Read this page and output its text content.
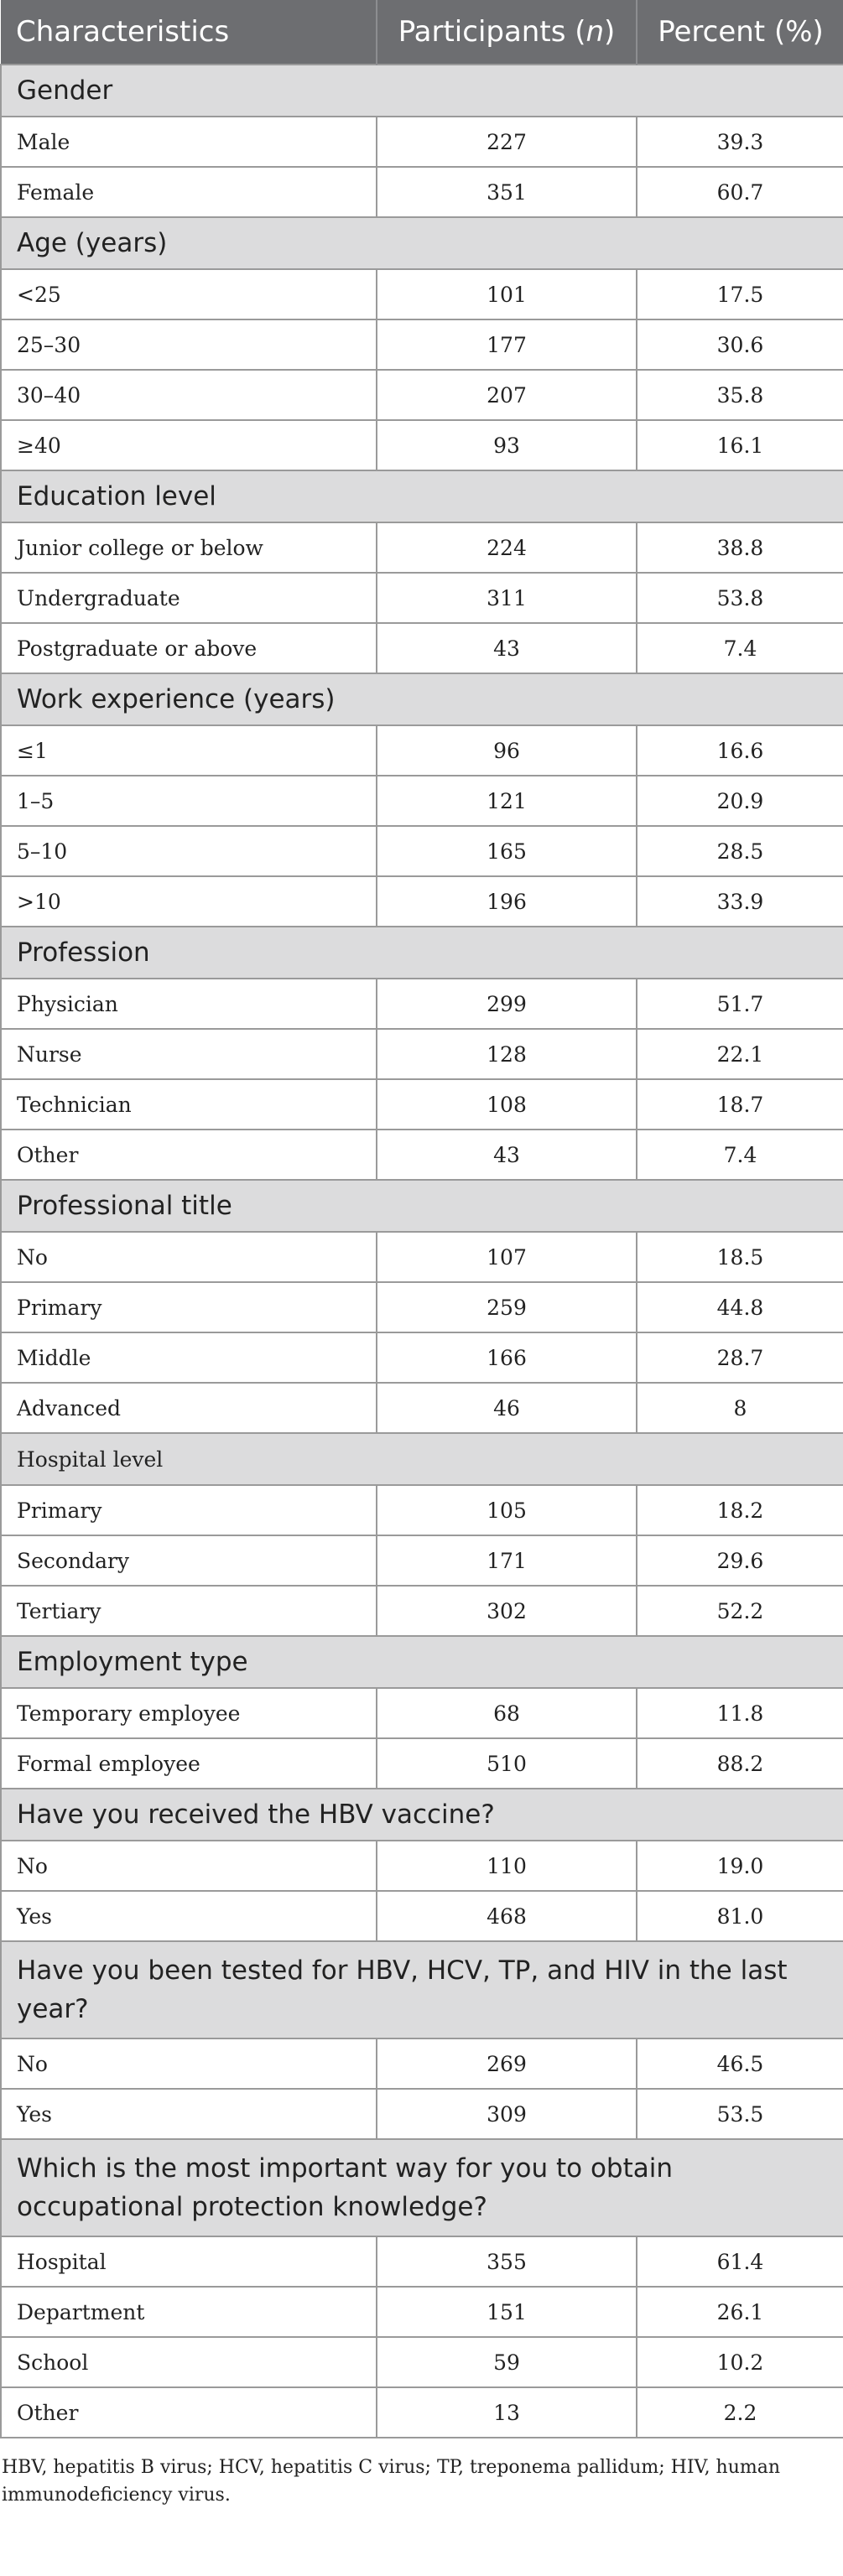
Characteristics	Participants (n)	Percent (%)
Gender		
Male	227	39.3
Female	351	60.7
Age (years)		
<25	101	17.5
25–30	177	30.6
30–40	207	35.8
≥40	93	16.1
Education level		
Junior college or below	224	38.8
Undergraduate	311	53.8
Postgraduate or above	43	7.4
Work experience (years)		
≤1	96	16.6
1–5	121	20.9
5–10	165	28.5
>10	196	33.9
Profession		
Physician	299	51.7
Nurse	128	22.1
Technician	108	18.7
Other	43	7.4
Professional title		
No	107	18.5
Primary	259	44.8
Middle	166	28.7
Advanced	46	8
Hospital level		
Primary	105	18.2
Secondary	171	29.6
Tertiary	302	52.2
Employment type		
Temporary employee	68	11.8
Formal employee	510	88.2
Have you received the HBV vaccine?		
No	110	19.0
Yes	468	81.0
Have you been tested for HBV, HCV, TP, and HIV in the last year?		
No	269	46.5
Yes	309	53.5
Which is the most important way for you to obtain occupational protection knowledge?		
Hospital	355	61.4
Department	151	26.1
School	59	10.2
Other	13	2.2
HBV, hepatitis B virus; HCV, hepatitis C virus; TP, treponema pallidum; HIV, human immunodeficiency virus.
